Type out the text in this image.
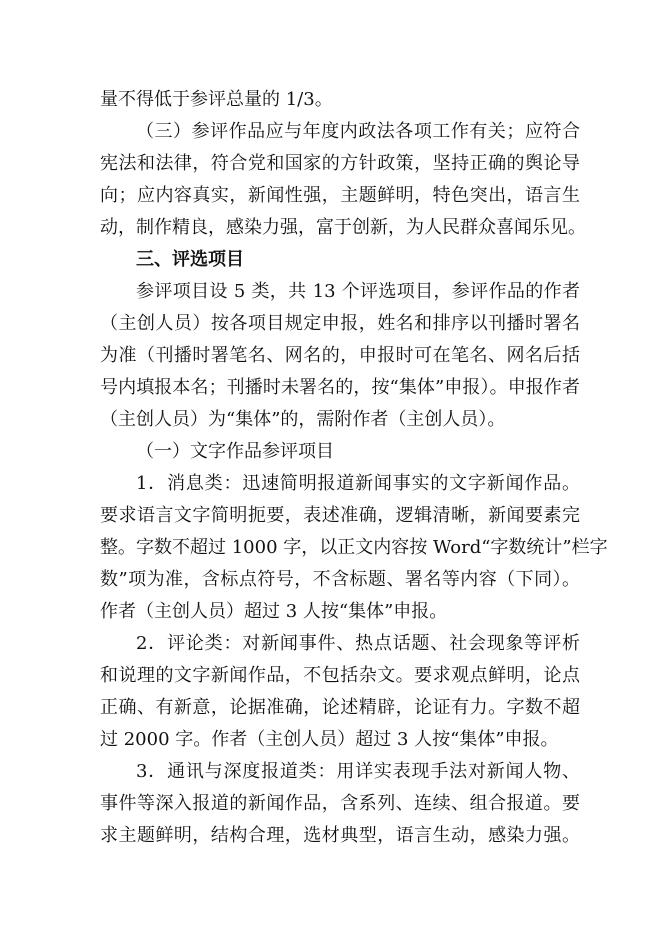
量不得低于参评总量的 1/3。
（三）参评作品应与年度内政法各项工作有关；应符合
宪法和法律，符合党和国家的方针政策，坚持正确的舆论导
向；应内容真实，新闻性强，主题鲜明，特色突出，语言生
动，制作精良，感染力强，富于创新，为人民群众喜闻乐见。
三、评选项目
参评项目设 5 类，共 13 个评选项目，参评作品的作者
（主创人员）按各项目规定申报，姓名和排序以刊播时署名
为准（刊播时署笔名、网名的，申报时可在笔名、网名后括
号内填报本名；刊播时未署名的，按“集体”申报）。申报作者
（主创人员）为“集体”的，需附作者（主创人员）。
（一）文字作品参评项目
1．消息类：迅速简明报道新闻事实的文字新闻作品。
要求语言文字简明扼要，表述准确，逻辑清晰，新闻要素完
整。字数不超过 1000 字，以正文内容按 Word“字数统计”栏字
数”项为准，含标点符号，不含标题、署名等内容（下同）。
作者（主创人员）超过 3 人按“集体”申报。
2．评论类：对新闻事件、热点话题、社会现象等评析
和说理的文字新闻作品，不包括杂文。要求观点鲜明，论点
正确、有新意，论据准确，论述精辟，论证有力。字数不超
过 2000 字。作者（主创人员）超过 3 人按“集体”申报。
3．通讯与深度报道类：用详实表现手法对新闻人物、
事件等深入报道的新闻作品，含系列、连续、组合报道。要
求主题鲜明，结构合理，选材典型，语言生动，感染力强。
